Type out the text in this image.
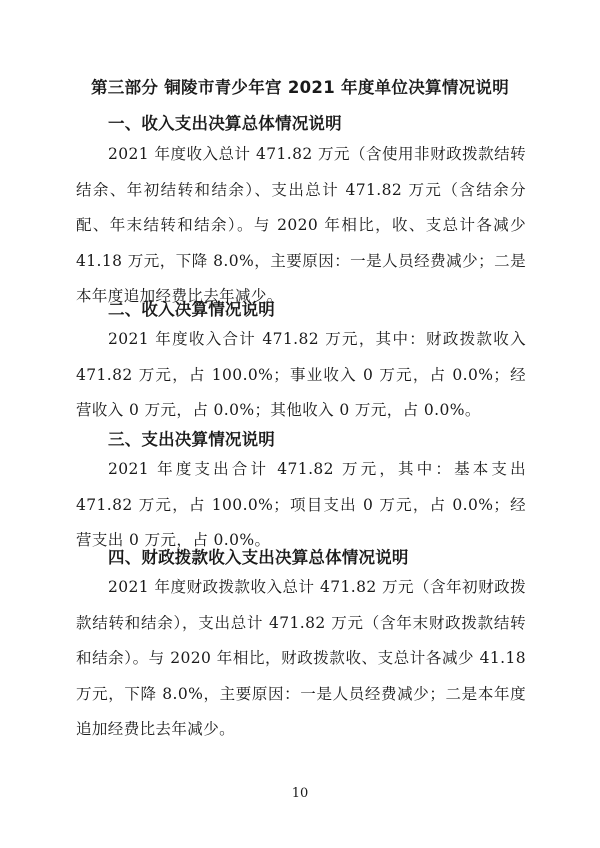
第三部分 铜陵市青少年宫 2021 年度单位决算情况说明
一、收入支出决算总体情况说明
2021 年度收入总计 471.82 万元（含使用非财政拨款结转结余、年初结转和结余）、支出总计 471.82 万元（含结余分配、年末结转和结余）。与 2020 年相比，收、支总计各减少 41.18 万元，下降 8.0%，主要原因：一是人员经费减少；二是本年度追加经费比去年减少。
二、收入决算情况说明
2021 年度收入合计 471.82 万元，其中：财政拨款收入 471.82 万元，占 100.0%；事业收入 0 万元，占 0.0%；经营收入 0 万元，占 0.0%；其他收入 0 万元，占 0.0%。
三、支出决算情况说明
2021 年度支出合计 471.82 万元，其中：基本支出 471.82 万元，占 100.0%；项目支出 0 万元，占 0.0%；经营支出 0 万元，占 0.0%。
四、财政拨款收入支出决算总体情况说明
2021 年度财政拨款收入总计 471.82 万元（含年初财政拨款结转和结余），支出总计 471.82 万元（含年末财政拨款结转和结余）。与 2020 年相比，财政拨款收、支总计各减少 41.18 万元，下降 8.0%，主要原因：一是人员经费减少；二是本年度追加经费比去年减少。
10
